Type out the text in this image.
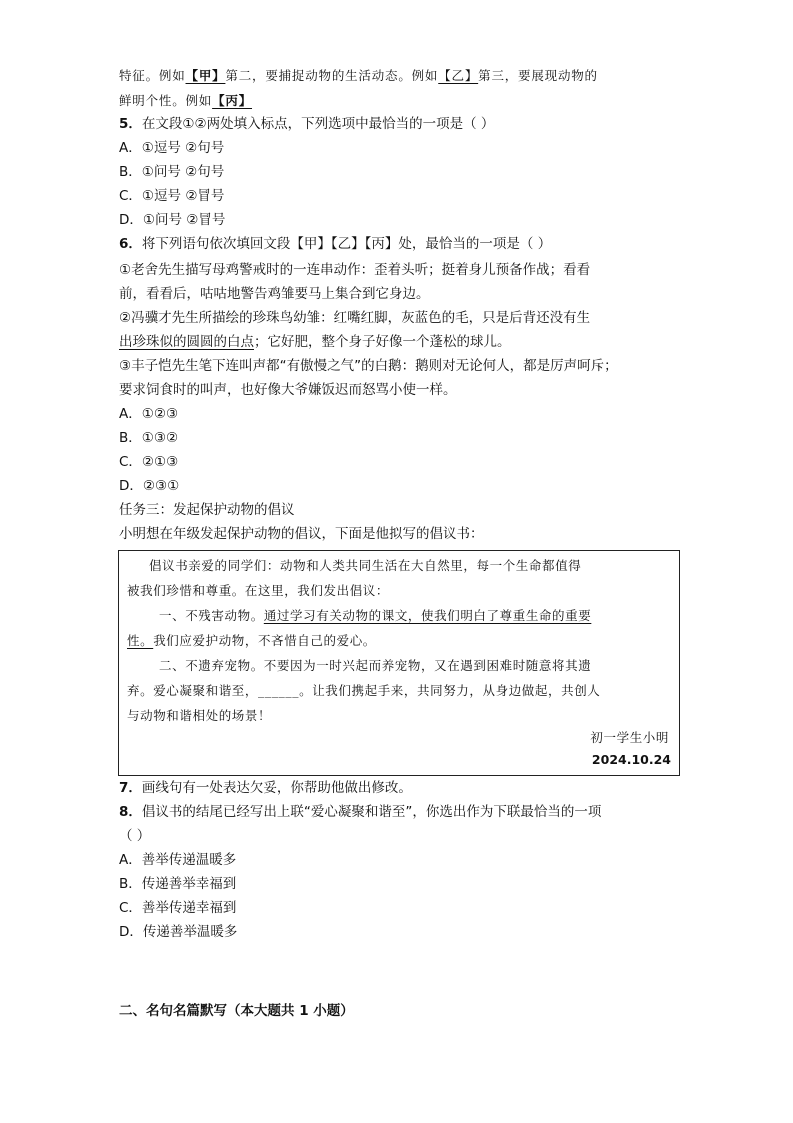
特征。例如【甲】第二，要捕捉动物的生活动态。例如【乙】第三，要展现动物的
鲜明个性。例如【丙】
5．在文段①②两处填入标点，下列选项中最恰当的一项是（ ）
A．①逗号 ②句号
B．①问号 ②句号
C．①逗号 ②冒号
D．①问号 ②冒号
6．将下列语句依次填回文段【甲】【乙】【丙】处，最恰当的一项是（ ）
①老舍先生描写母鸡警戒时的一连串动作：歪着头听；挺着身儿预备作战；看看
前，看看后，咕咕地警告鸡雏要马上集合到它身边。
②冯骥才先生所描绘的珍珠鸟幼雏：红嘴红脚，灰蓝色的毛，只是后背还没有生
出珍珠似的圆圆的白点；它好肥，整个身子好像一个蓬松的球儿。
③丰子恺先生笔下连叫声都“有傲慢之气”的白鹅：鹅则对无论何人，都是厉声呵斥；
要求饲食时的叫声，也好像大爷嫌饭迟而怒骂小使一样。
A．①②③
B．①③②
C．②①③
D．②③①
任务三：发起保护动物的倡议
小明想在年级发起保护动物的倡议，下面是他拟写的倡议书：
倡议书亲爱的同学们：动物和人类共同生活在大自然里，每一个生命都值得
被我们珍惜和尊重。在这里，我们发出倡议：
一、不残害动物。通过学习有关动物的课文，使我们明白了尊重生命的重要
性。我们应爱护动物，不吝惜自己的爱心。
二、不遗弃宠物。不要因为一时兴起而养宠物，又在遇到困难时随意将其遗
弃。爱心凝聚和谐至，______。让我们携起手来，共同努力，从身边做起，共创人
与动物和谐相处的场景！
初一学生小明
2024.10.24
7．画线句有一处表达欠妥，你帮助他做出修改。
8．倡议书的结尾已经写出上联“爱心凝聚和谐至”，你选出作为下联最恰当的一项
（ ）
A．善举传递温暖多
B．传递善举幸福到
C．善举传递幸福到
D．传递善举温暖多
二、名句名篇默写（本大题共 1 小题）
